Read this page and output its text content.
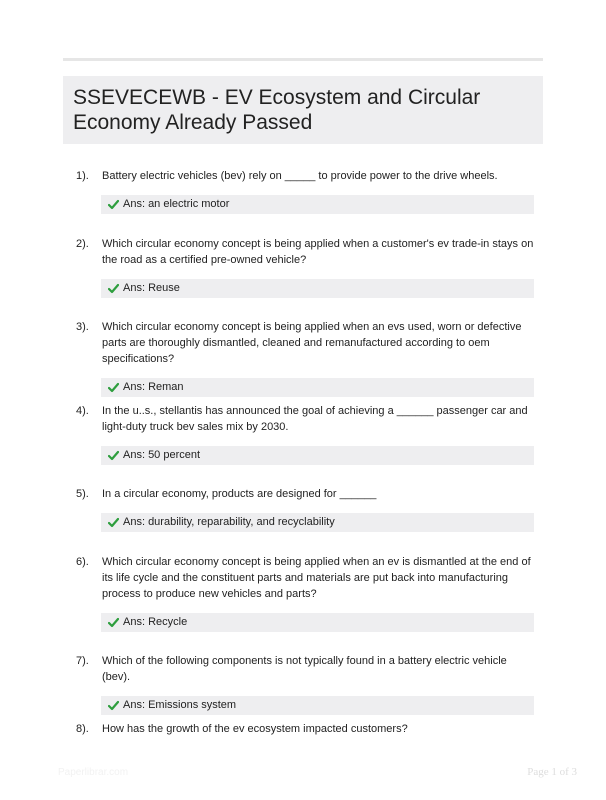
SSEVECEWB - EV Ecosystem and Circular Economy Already Passed
1). Battery electric vehicles (bev) rely on _____ to provide power to the drive wheels.
Ans: an electric motor
2). Which circular economy concept is being applied when a customer's ev trade-in stays on the road as a certified pre-owned vehicle?
Ans: Reuse
3). Which circular economy concept is being applied when an evs used, worn or defective parts are thoroughly dismantled, cleaned and remanufactured according to oem specifications?
Ans: Reman
4). In the u..s., stellantis has announced the goal of achieving a ______ passenger car and light-duty truck bev sales mix by 2030.
Ans: 50 percent
5). In a circular economy, products are designed for ______
Ans: durability, reparability, and recyclability
6). Which circular economy concept is being applied when an ev is dismantled at the end of its life cycle and the constituent parts and materials are put back into manufacturing process to produce new vehicles and parts?
Ans: Recycle
7). Which of the following components is not typically found in a battery electric vehicle (bev).
Ans: Emissions system
8). How has the growth of the ev ecosystem impacted customers?
Paperlibrar.com	Page 1 of 3
